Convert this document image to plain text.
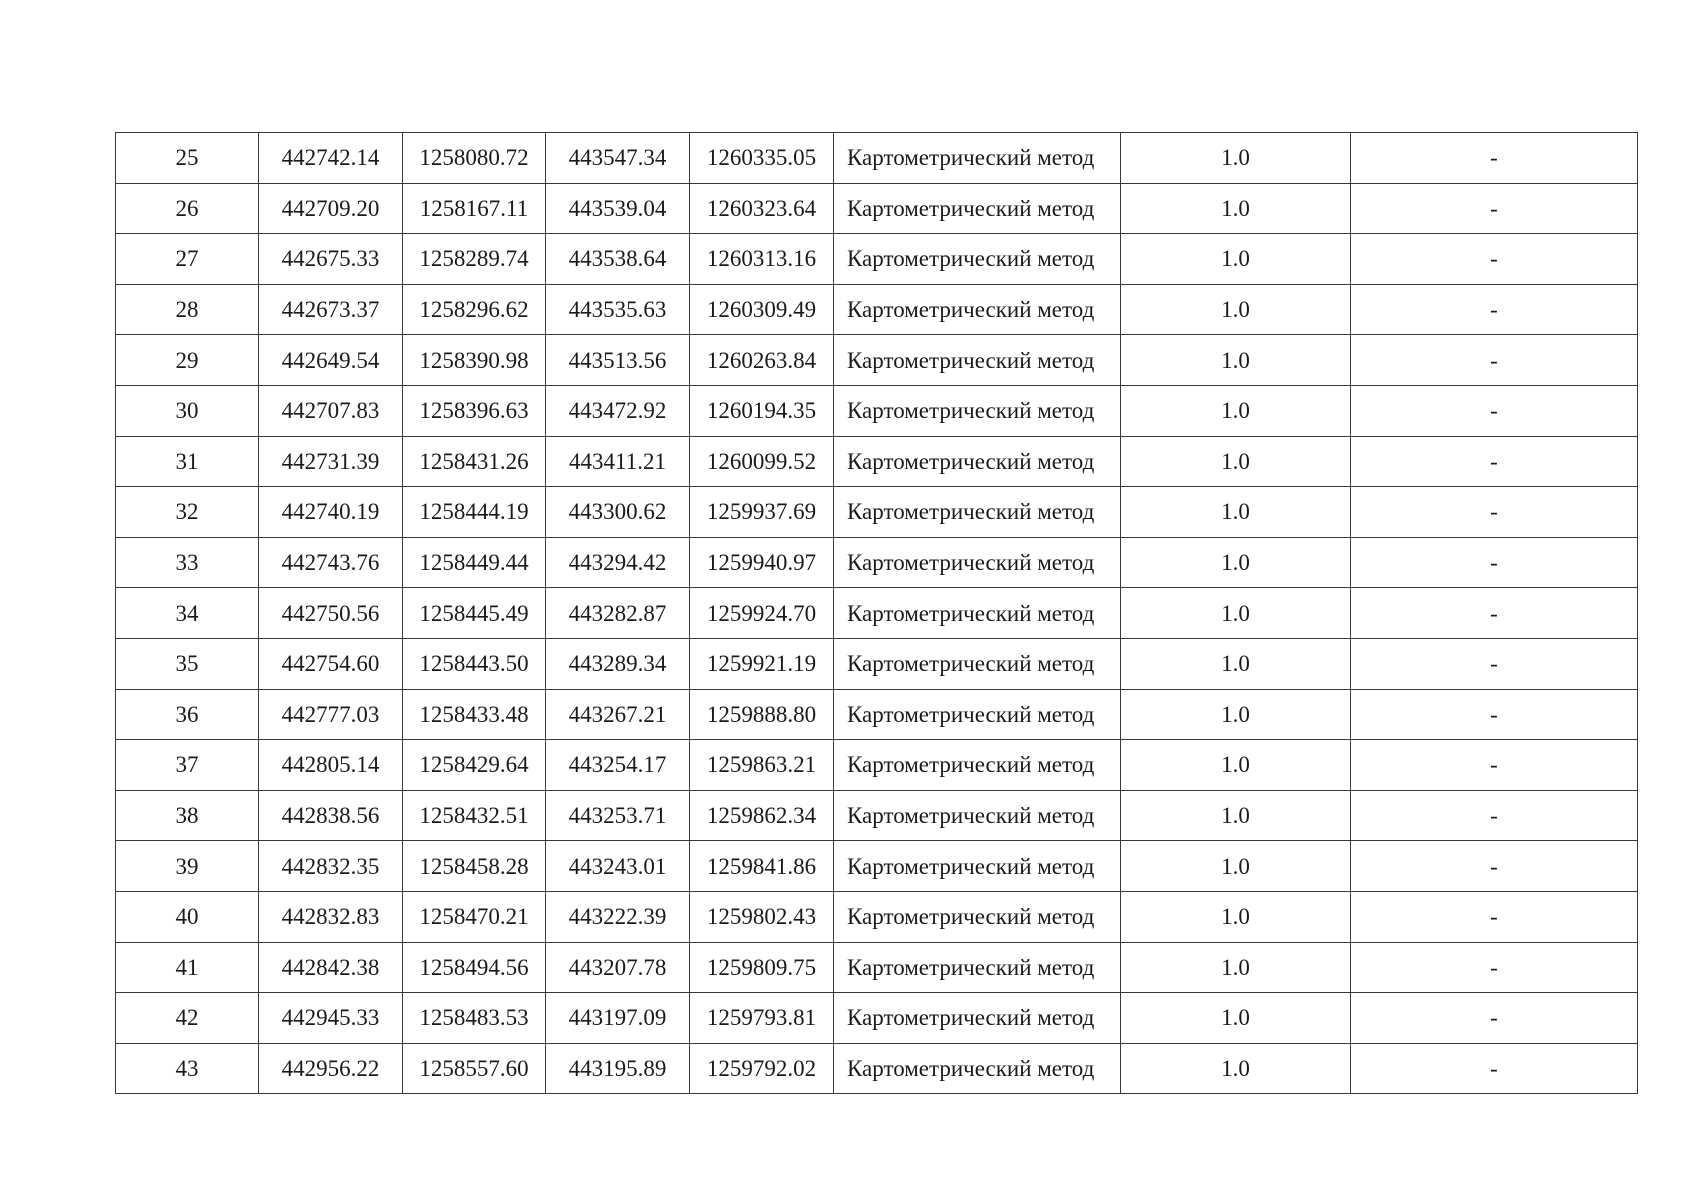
25	442742.14	1258080.72	443547.34	1260335.05	Картометрический метод	1.0	-
26	442709.20	1258167.11	443539.04	1260323.64	Картометрический метод	1.0	-
27	442675.33	1258289.74	443538.64	1260313.16	Картометрический метод	1.0	-
28	442673.37	1258296.62	443535.63	1260309.49	Картометрический метод	1.0	-
29	442649.54	1258390.98	443513.56	1260263.84	Картометрический метод	1.0	-
30	442707.83	1258396.63	443472.92	1260194.35	Картометрический метод	1.0	-
31	442731.39	1258431.26	443411.21	1260099.52	Картометрический метод	1.0	-
32	442740.19	1258444.19	443300.62	1259937.69	Картометрический метод	1.0	-
33	442743.76	1258449.44	443294.42	1259940.97	Картометрический метод	1.0	-
34	442750.56	1258445.49	443282.87	1259924.70	Картометрический метод	1.0	-
35	442754.60	1258443.50	443289.34	1259921.19	Картометрический метод	1.0	-
36	442777.03	1258433.48	443267.21	1259888.80	Картометрический метод	1.0	-
37	442805.14	1258429.64	443254.17	1259863.21	Картометрический метод	1.0	-
38	442838.56	1258432.51	443253.71	1259862.34	Картометрический метод	1.0	-
39	442832.35	1258458.28	443243.01	1259841.86	Картометрический метод	1.0	-
40	442832.83	1258470.21	443222.39	1259802.43	Картометрический метод	1.0	-
41	442842.38	1258494.56	443207.78	1259809.75	Картометрический метод	1.0	-
42	442945.33	1258483.53	443197.09	1259793.81	Картометрический метод	1.0	-
43	442956.22	1258557.60	443195.89	1259792.02	Картометрический метод	1.0	-
